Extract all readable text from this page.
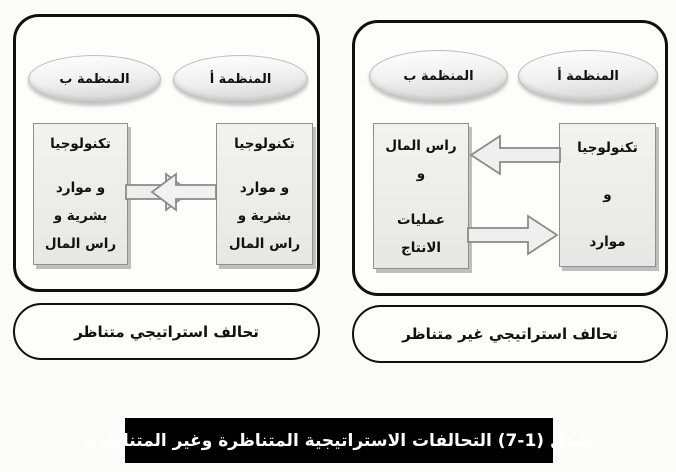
المنظمة ب	المنظمة أ
تكنولوجيا
و موارد
بشرية و
راس المال
تكنولوجيا
و موارد
بشرية و
راس المال
تحالف استراتيجي متناظر
المنظمة ب	المنظمة أ
راس المال
و
عمليات
الانتاج
تكنولوجيا
و
موارد
تحالف استراتيجي غير متناظر
شكل (1-7) التحالفات الاستراتيجية المتناظرة وغير المتناظرة
